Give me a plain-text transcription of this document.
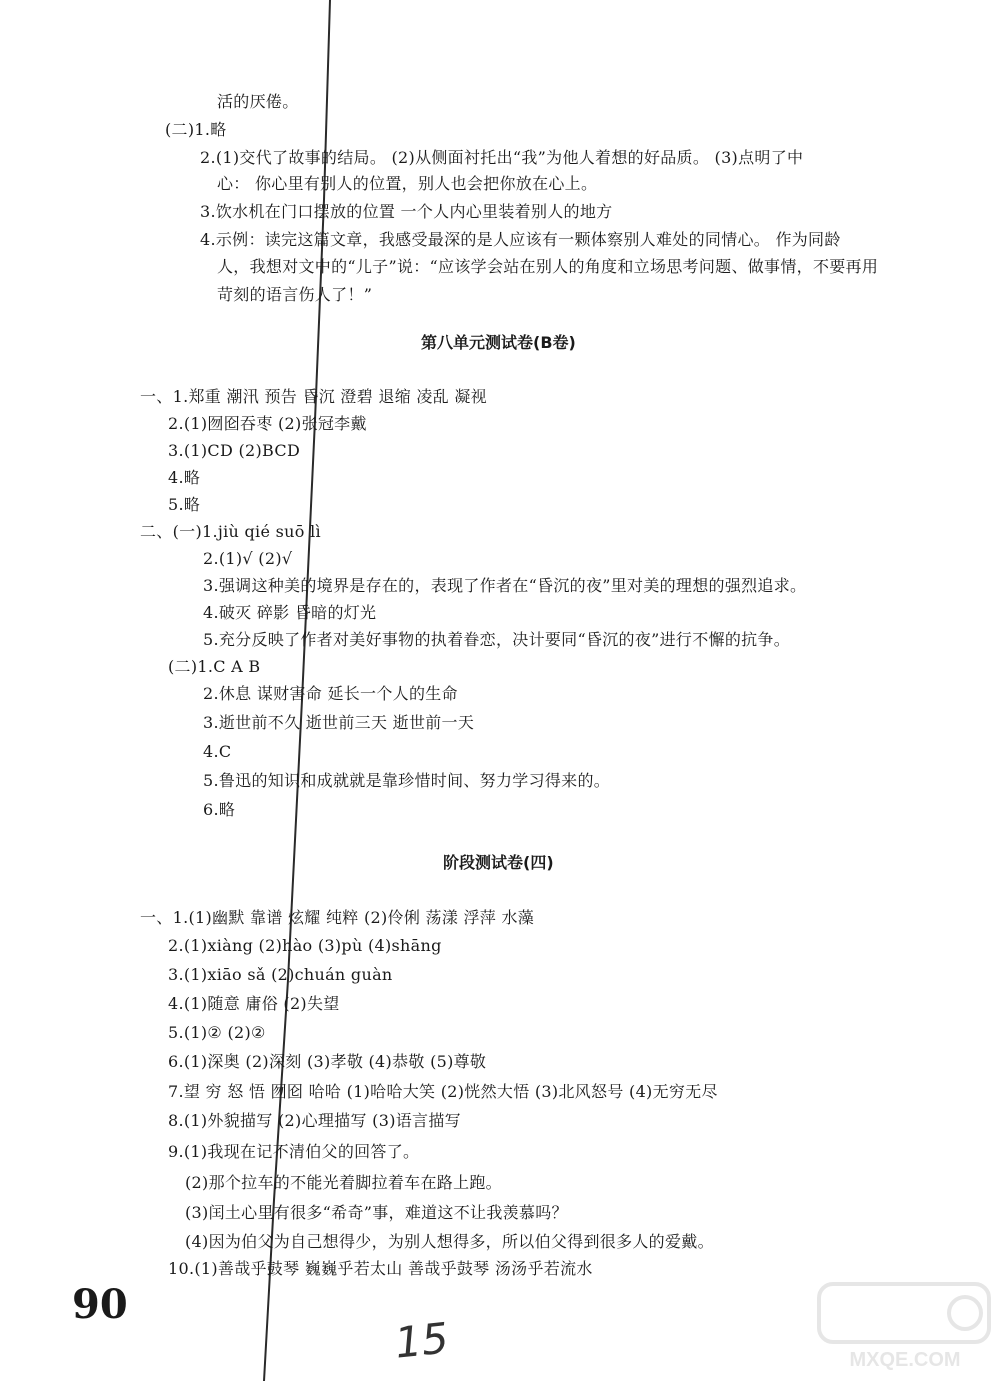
活的厌倦。
(二)1.略
2.(1)交代了故事的结局。 (2)从侧面衬托出“我”为他人着想的好品质。 (3)点明了中
心： 你心里有别人的位置，别人也会把你放在心上。
3.饮水机在门口摆放的位置 一个人内心里装着别人的地方
4.示例：读完这篇文章，我感受最深的是人应该有一颗体察别人难处的同情心。 作为同龄
人，我想对文中的“儿子”说：“应该学会站在别人的角度和立场思考问题、做事情，不要再用
苛刻的语言伤人了！”
一、1.郑重 潮汛 预告 昏沉 澄碧 退缩 凌乱 凝视
2.(1)囫囵吞枣 (2)张冠李戴
3.(1)CD (2)BCD
4.略
5.略
二、(一)1.jiù qié suō lì
2.(1)√ (2)√
3.强调这种美的境界是存在的，表现了作者在“昏沉的夜”里对美的理想的强烈追求。
4.破灭 碎影 昏暗的灯光
5.充分反映了作者对美好事物的执着眷恋，决计要同“昏沉的夜”进行不懈的抗争。
(二)1.C A B
2.休息 谋财害命 延长一个人的生命
3.逝世前不久 逝世前三天 逝世前一天
4.C
5.鲁迅的知识和成就就是靠珍惜时间、努力学习得来的。
6.略
一、1.(1)幽默 靠谱 炫耀 纯粹 (2)伶俐 荡漾 浮萍 水藻
2.(1)xiàng (2)hào (3)pù (4)shāng
3.(1)xiāo sǎ (2)chuán guàn
4.(1)随意 庸俗 (2)失望
5.(1)② (2)②
6.(1)深奥 (2)深刻 (3)孝敬 (4)恭敬 (5)尊敬
7.望 穷 怒 悟 囫囵 哈哈 (1)哈哈大笑 (2)恍然大悟 (3)北风怒号 (4)无穷无尽
8.(1)外貌描写 (2)心理描写 (3)语言描写
9.(1)我现在记不清伯父的回答了。
(2)那个拉车的不能光着脚拉着车在路上跑。
(3)闰土心里有很多“希奇”事，难道这不让我羡慕吗？
(4)因为伯父为自己想得少，为别人想得多，所以伯父得到很多人的爱戴。
10.(1)善哉乎鼓琴 巍巍乎若太山 善哉乎鼓琴 汤汤乎若流水
第八单元测试卷(B卷)
阶段测试卷(四)
90
15	MXQE.COM
